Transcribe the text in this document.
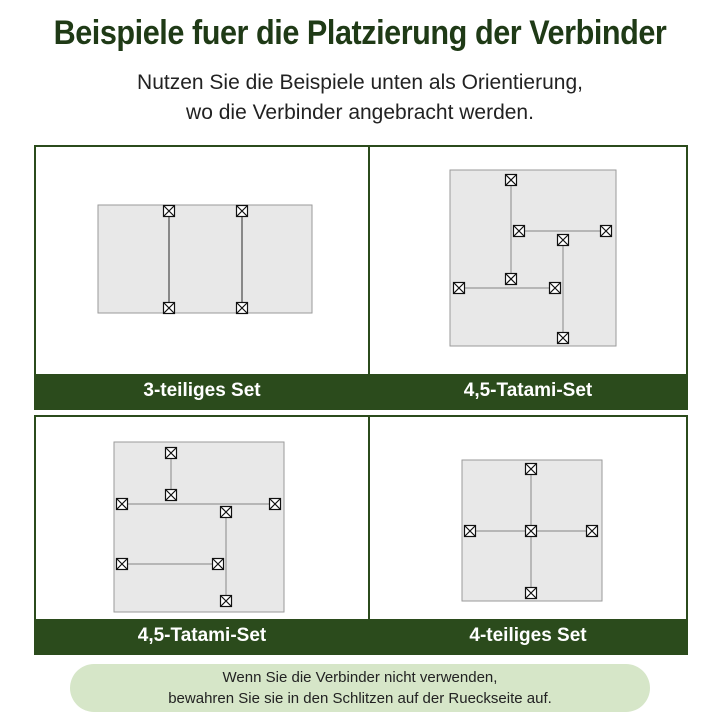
Beispiele fuer die Platzierung der Verbinder
Nutzen Sie die Beispiele unten als Orientierung,
wo die Verbinder angebracht werden.
3-teiliges Set	4,5-Tatami-Set
4,5-Tatami-Set	4-teiliges Set
Wenn Sie die Verbinder nicht verwenden,
bewahren Sie sie in den Schlitzen auf der Rueckseite auf.
